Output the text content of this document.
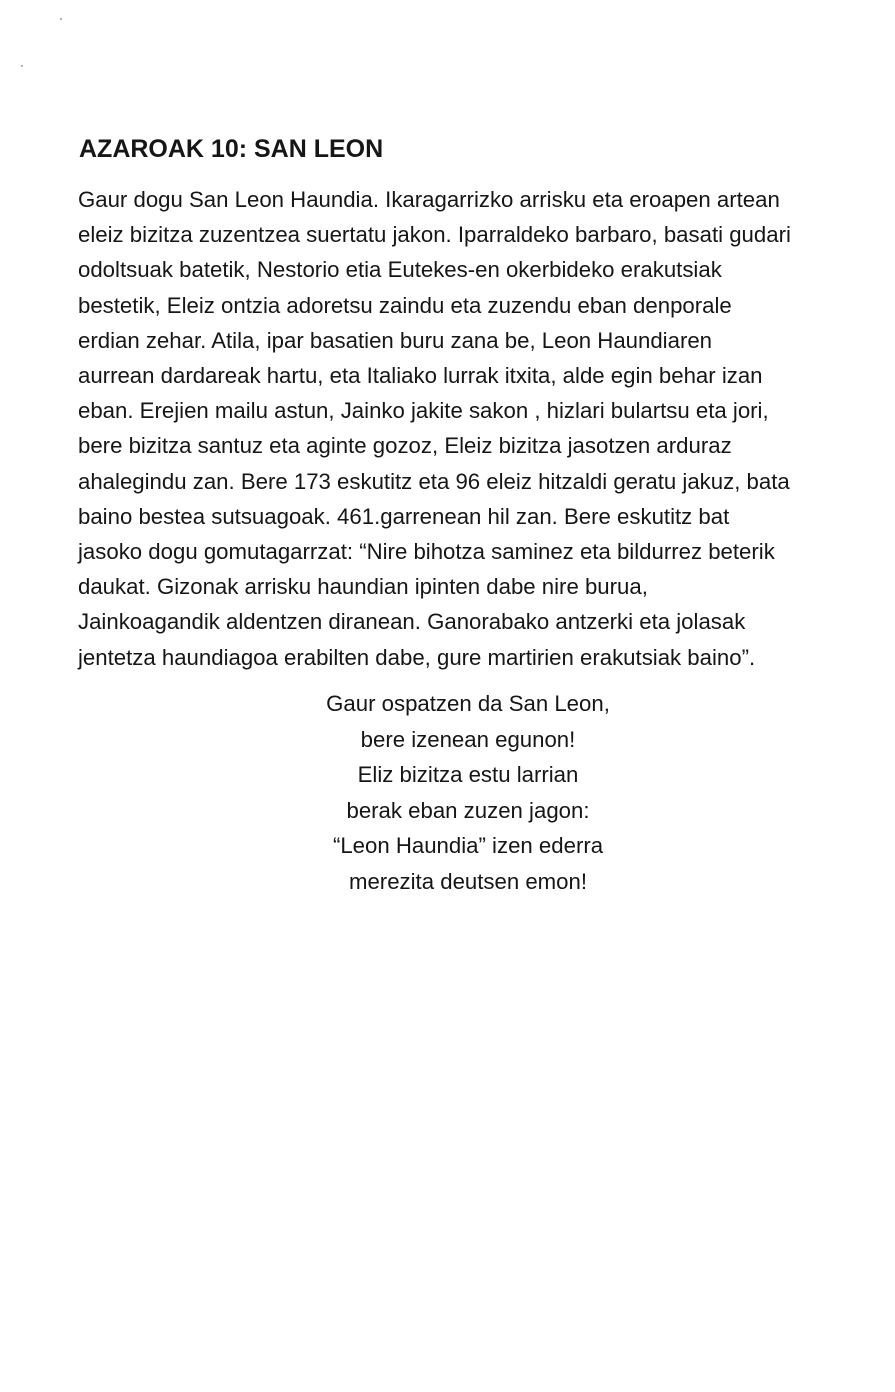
AZAROAK 10: SAN LEON
Gaur dogu San Leon Haundia. Ikaragarrizko arrisku eta eroapen artean
eleiz bizitza zuzentzea suertatu jakon. Iparraldeko barbaro, basati gudari
odoltsuak batetik, Nestorio etia Eutekes-en okerbideko erakutsiak
bestetik, Eleiz ontzia adoretsu zaindu eta zuzendu eban denporale
erdian zehar. Atila, ipar basatien buru zana be, Leon Haundiaren
aurrean dardareak hartu, eta Italiako lurrak itxita, alde egin behar izan
eban. Erejien mailu astun, Jainko jakite sakon , hizlari bulartsu eta jori,
bere bizitza santuz eta aginte gozoz, Eleiz bizitza jasotzen arduraz
ahalegindu zan. Bere 173 eskutitz eta 96 eleiz hitzaldi geratu jakuz, bata
baino bestea sutsuagoak. 461.garrenean hil zan. Bere eskutitz bat
jasoko dogu gomutagarrzat: “Nire bihotza saminez eta bildurrez beterik
daukat. Gizonak arrisku haundian ipinten dabe nire burua,
Jainkoagandik aldentzen diranean. Ganorabako antzerki eta jolasak
jentetza haundiagoa erabilten dabe, gure martirien erakutsiak baino”.
Gaur ospatzen da San Leon,
bere izenean egunon!
Eliz bizitza estu larrian
berak eban zuzen jagon:
“Leon Haundia” izen ederra
merezita deutsen emon!
